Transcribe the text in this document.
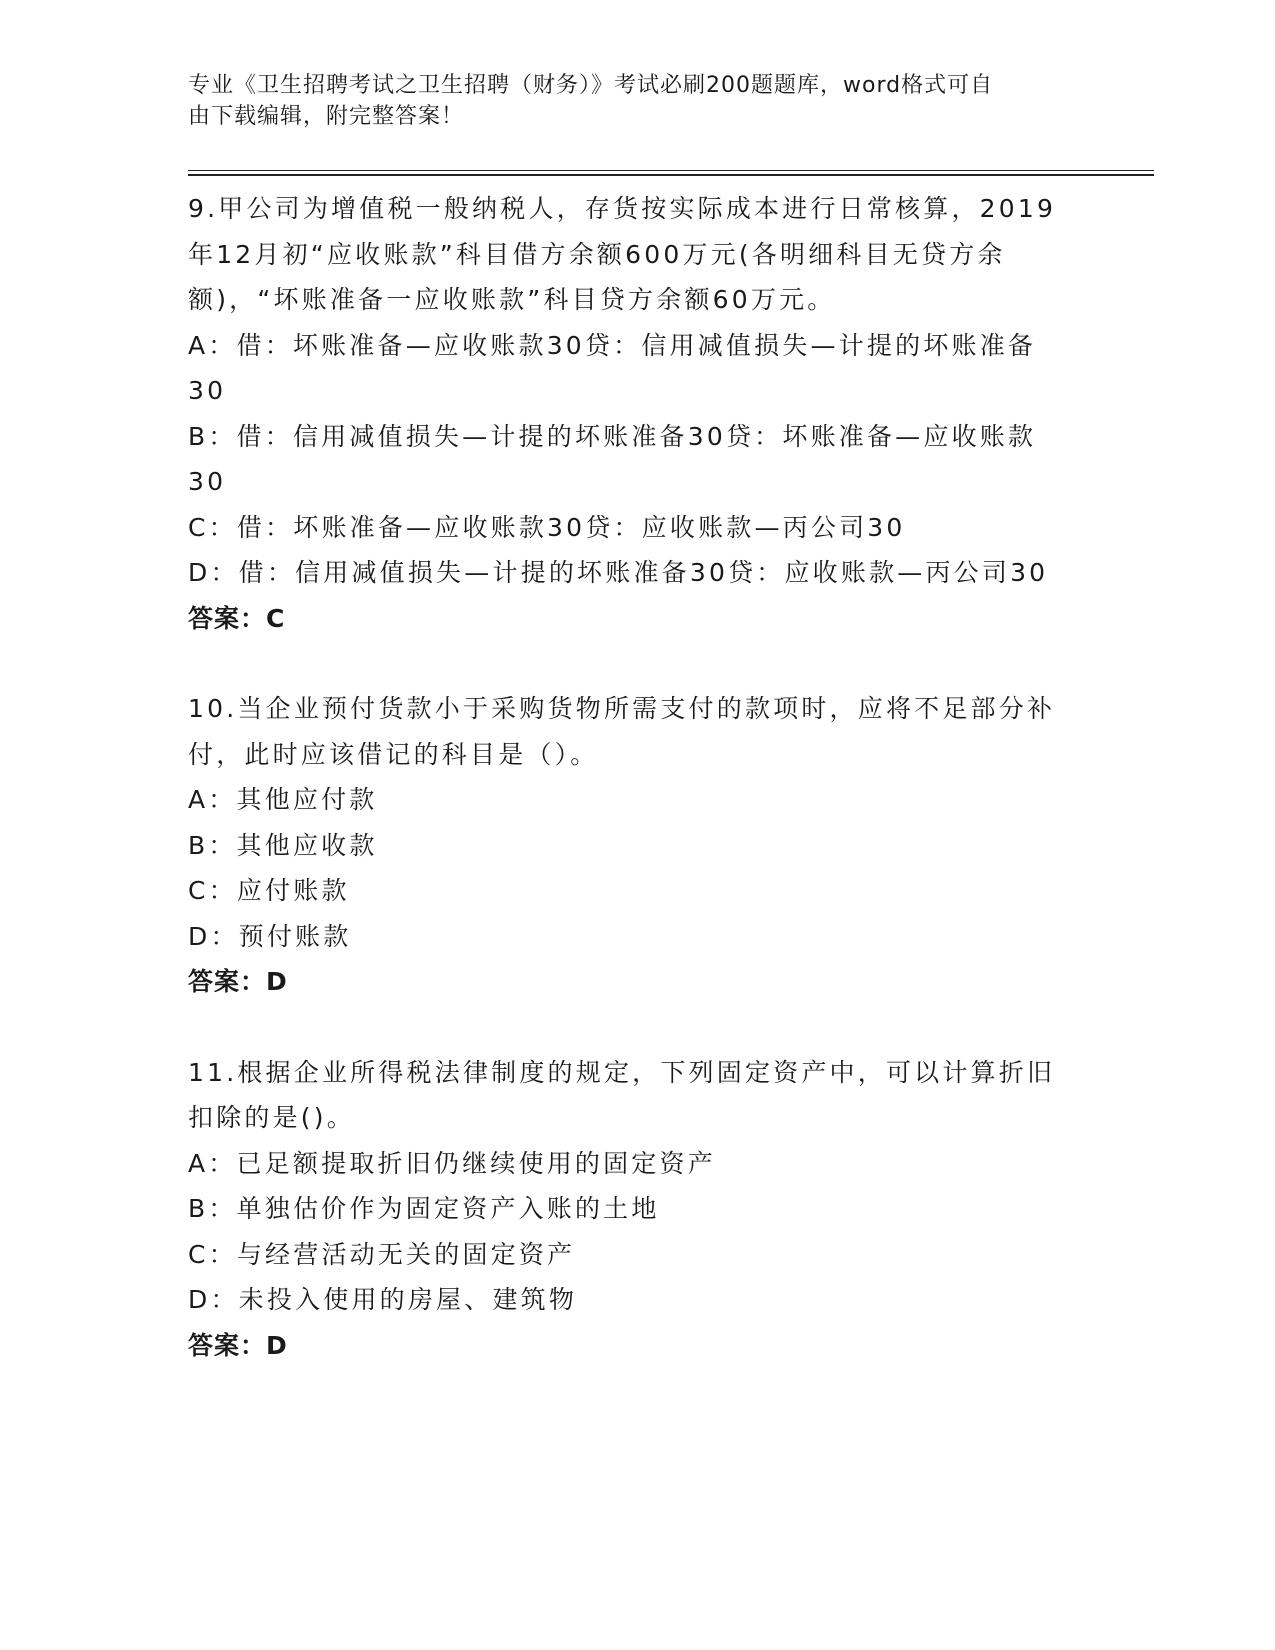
专业《卫生招聘考试之卫生招聘（财务）》考试必刷200题题库，word格式可自
由下载编辑，附完整答案！
9.甲公司为增值税一般纳税人，存货按实际成本进行日常核算，2019
年12月初“应收账款”科目借方余额600万元(各明细科目无贷方余
额)，“坏账准备一应收账款”科目贷方余额60万元。
A：借：坏账准备—应收账款30贷：信用减值损失—计提的坏账准备
30
B：借：信用减值损失—计提的坏账准备30贷：坏账准备—应收账款
30
C：借：坏账准备—应收账款30贷：应收账款—丙公司30
D：借：信用减值损失—计提的坏账准备30贷：应收账款—丙公司30
答案：C
10.当企业预付货款小于采购货物所需支付的款项时，应将不足部分补
付，此时应该借记的科目是（）。
A：其他应付款
B：其他应收款
C：应付账款
D：预付账款
答案：D
11.根据企业所得税法律制度的规定，下列固定资产中，可以计算折旧
扣除的是()。
A：已足额提取折旧仍继续使用的固定资产
B：单独估价作为固定资产入账的土地
C：与经营活动无关的固定资产
D：未投入使用的房屋、建筑物
答案：D
